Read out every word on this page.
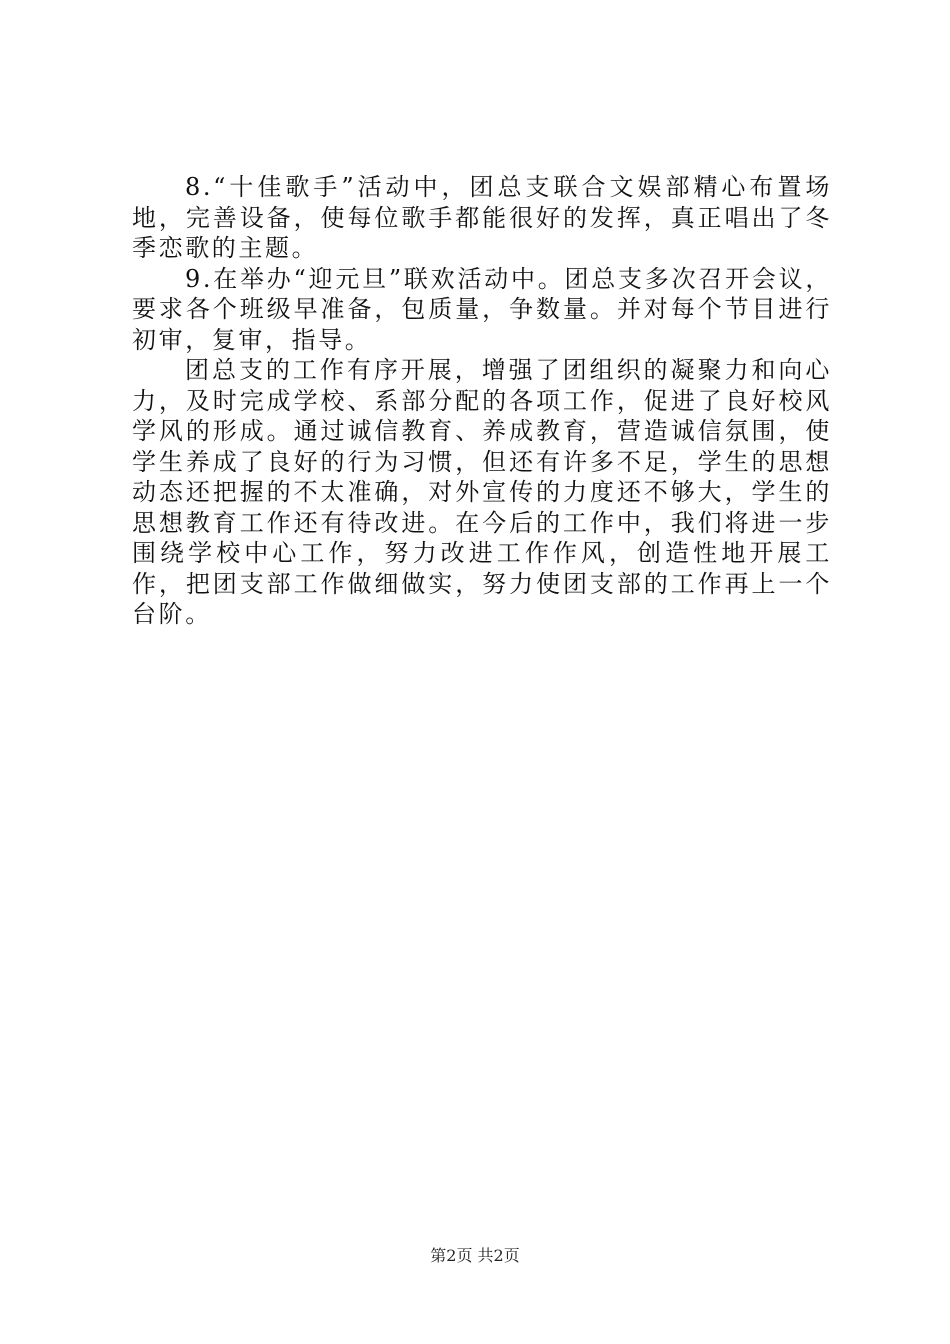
8.“十佳歌手”活动中，团总支联合文娱部精心布置场地，完善设备，使每位歌手都能很好的发挥，真正唱出了冬季恋歌的主题。

9.在举办“迎元旦”联欢活动中。团总支多次召开会议，要求各个班级早准备，包质量，争数量。并对每个节目进行初审，复审，指导。

团总支的工作有序开展，增强了团组织的凝聚力和向心力，及时完成学校、系部分配的各项工作，促进了良好校风学风的形成。通过诚信教育、养成教育，营造诚信氛围，使学生养成了良好的行为习惯，但还有许多不足，学生的思想动态还把握的不太准确，对外宣传的力度还不够大，学生的思想教育工作还有待改进。在今后的工作中，我们将进一步围绕学校中心工作，努力改进工作作风，创造性地开展工作，把团支部工作做细做实，努力使团支部的工作再上一个台阶。

第2页 共2页
